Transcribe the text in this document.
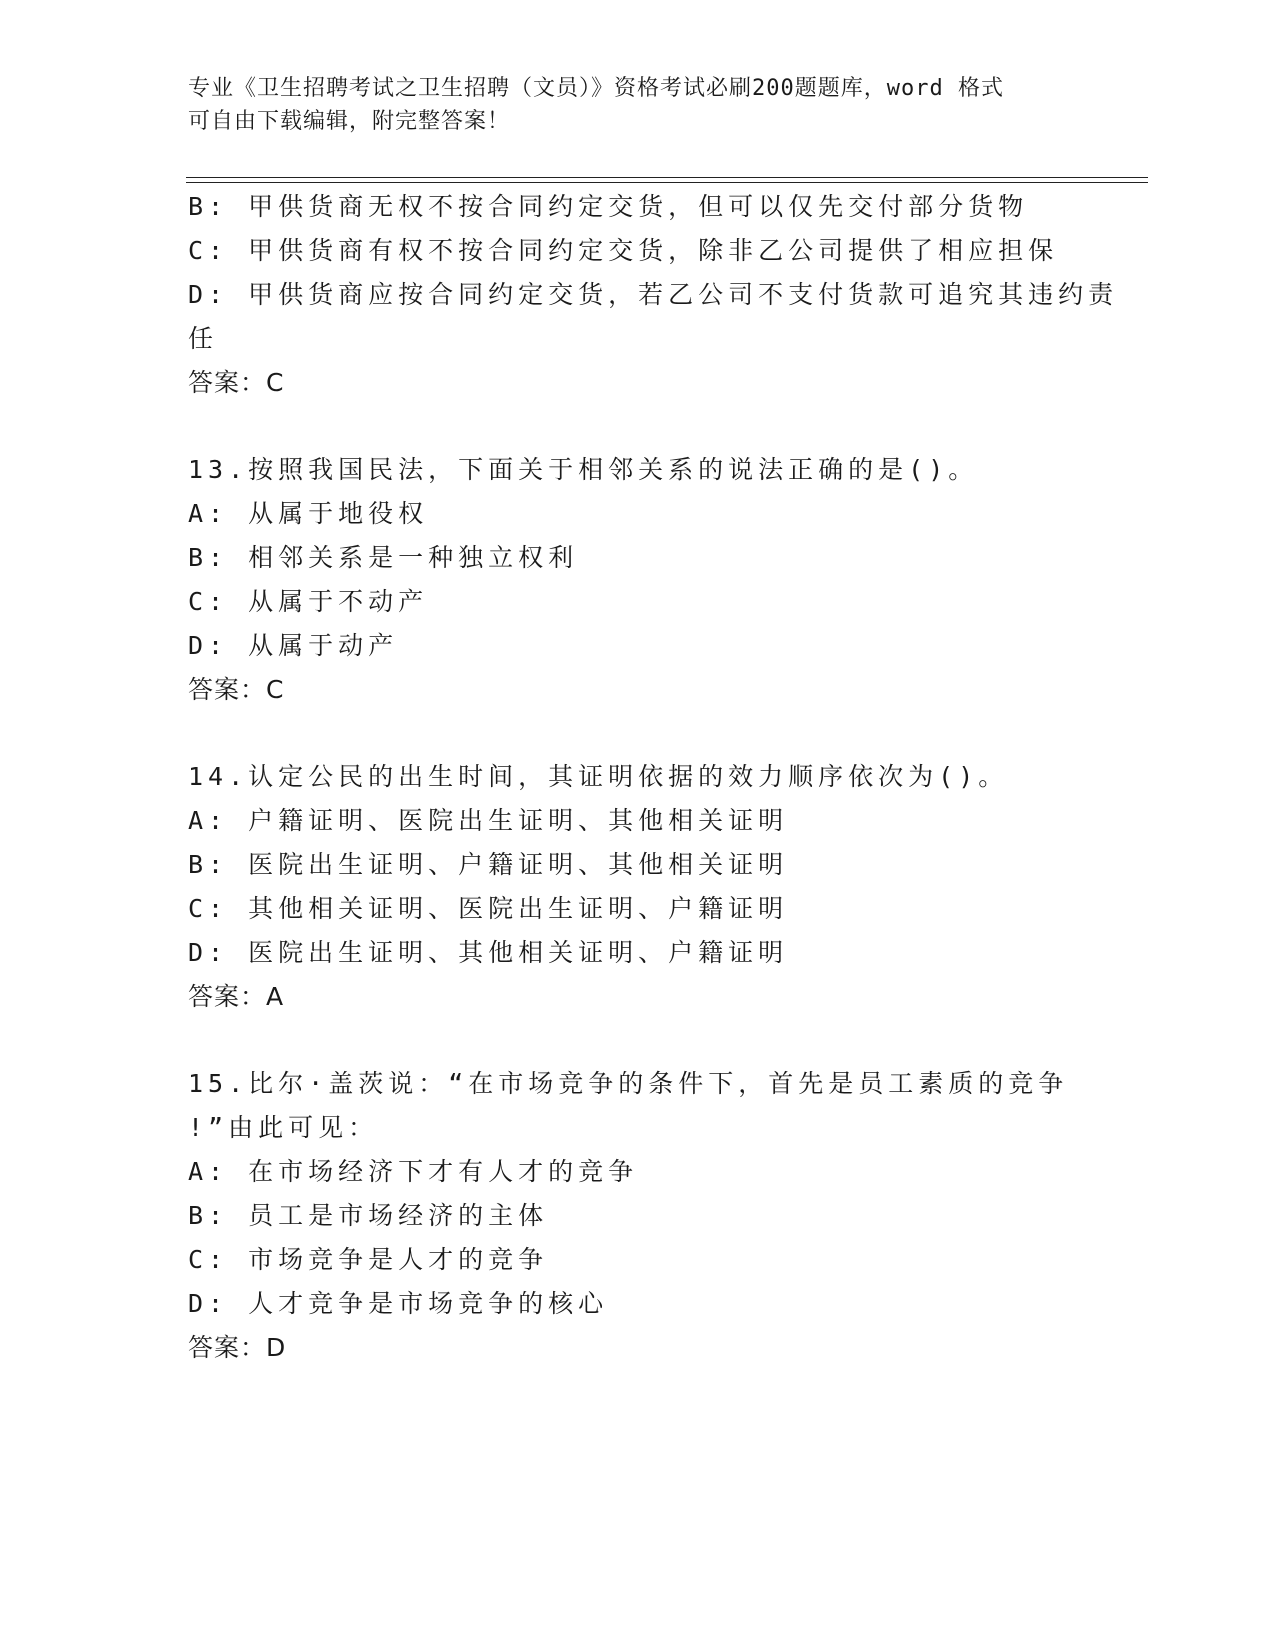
专业《卫生招聘考试之卫生招聘（文员）》资格考试必刷200题题库，word 格式
可自由下载编辑，附完整答案！
B: 甲供货商无权不按合同约定交货，但可以仅先交付部分货物
C: 甲供货商有权不按合同约定交货，除非乙公司提供了相应担保
D: 甲供货商应按合同约定交货，若乙公司不支付货款可追究其违约责
任
答案：C
13.按照我国民法，下面关于相邻关系的说法正确的是()。
A: 从属于地役权
B: 相邻关系是一种独立权利
C: 从属于不动产
D: 从属于动产
答案：C
14.认定公民的出生时间，其证明依据的效力顺序依次为()。
A: 户籍证明、医院出生证明、其他相关证明
B: 医院出生证明、户籍证明、其他相关证明
C: 其他相关证明、医院出生证明、户籍证明
D: 医院出生证明、其他相关证明、户籍证明
答案：A
15.比尔·盖茨说：“在市场竞争的条件下，首先是员工素质的竞争
!”由此可见：
A: 在市场经济下才有人才的竞争
B: 员工是市场经济的主体
C: 市场竞争是人才的竞争
D: 人才竞争是市场竞争的核心
答案：D
